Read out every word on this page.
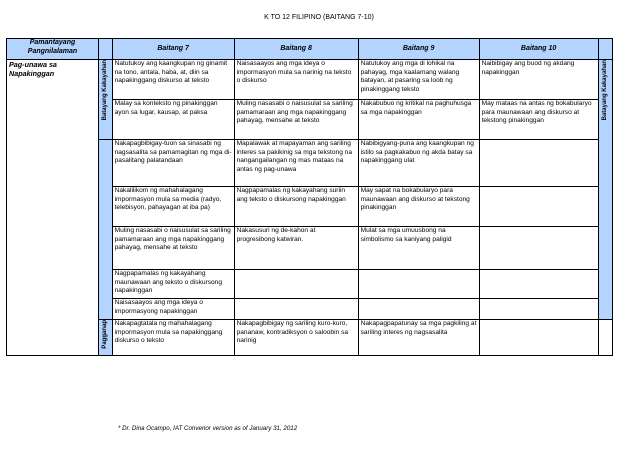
K TO 12 FILIPINO (BAITANG 7-10)
Pamantayang Pangnilalaman		Baitang 7	Baitang 8	Baitang 9	Baitang 10	

Pag-unawa sa Napakinggan	Batayang Kakayahan	Natutukoy ang kaangkupan ng ginamit na tono, antala, haba, at, diin sa napakinggang diskurso at teksto	Naisasaayos ang mga ideya o impormasyon mula sa narinig na teksto o diskurso	Natutukoy ang mga di lohikal na pahayag, mga kaalamang walang batayan, at pasaring sa loob ng pinakinggang teksto	Naibibigay ang buod ng akdang napakinggan	Batayang Kakayahan
		Malay sa konteksto ng pinakinggan ayon sa lugar, kausap, at paksa	Muling nasasabi o naisusulat sa sariling pamamaraan ang mga napakinggang pahayag, mensahe at teksto	Nakabubuo ng kritikal na paghuhusga sa mga napakinggan	May mataas na antas ng bokabularyo para maunawaan ang diskurso at tekstong pinakinggan	
		Nakapagbibigay-tuon sa sinasabi ng nagsasalita sa pamamagitan ng mga di-pasalitang palatandaan	Mapalawak at mapayaman ang sariling interes sa pakikinig sa mga tekstong na nangangailangan ng mas mataas na antas ng pag-unawa	Nabibigyang-puna ang kaangkupan ng istilo sa pagkakabuo ng akda batay sa napakinggang ulat		
		Nakalilikom ng mahahalagang impormasyon mula sa media (radyo, telebisyon, pahayagan at iba pa)	Nagpapamalas ng kakayahang suriin ang teksto o diskursong napakinggan	May sapat na bokabularyo para maunawaan ang diskurso at tekstong pinakinggan		
		Muling nasasabi o naisusulat sa sariling pamamaraan ang mga napakinggang pahayag, mensahe at teksto	Nakasusuri ng de-kahon at progresibong katwiran.	Mulat sa mga umuusbong na simbolismo sa kaniyang paligid		
		Nagpapamalas ng kakayahang maunawaan ang teksto o diskursong napakinggan				
		Naisasaayos ang mga ideya o impormasyong napakinggan				
	Pagganap	Nakapagtatala ng mahahalagang impormasyon mula sa napakinggang diskurso o teksto	Nakapagbibigay ng sariling kuro-kuro, pananaw, kontradiksyon o saloobin sa narinig	Nakapagpapatunay sa mga pagkiling at sariling interes ng nagsasalita		
* Dr. Dina Ocampo, IAT Convenor version as of January 31, 2012
